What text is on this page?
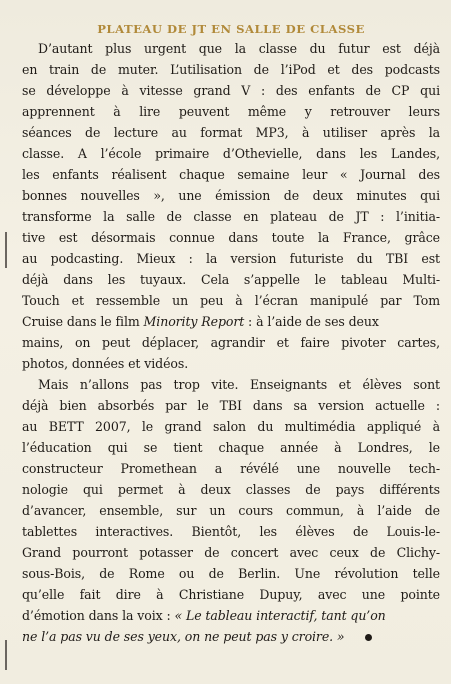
PLATEAU DE JT EN SALLE DE CLASSE
D’autant plus urgent que la classe du futur est déjà
en train de muter. L’utilisation de l’iPod et des podcasts
se développe à vitesse grand V : des enfants de CP qui
apprennent à lire peuvent même y retrouver leurs
séances de lecture au format MP3, à utiliser après la
classe. A l’école primaire d’Othevielle, dans les Landes,
les enfants réalisent chaque semaine leur « Journal des
bonnes nouvelles », une émission de deux minutes qui
transforme la salle de classe en plateau de JT : l’initia-
tive est désormais connue dans toute la France, grâce
au podcasting. Mieux : la version futuriste du TBI est
déjà dans les tuyaux. Cela s’appelle le tableau Multi-
Touch et ressemble un peu à l’écran manipulé par Tom
Cruise dans le film Minority Report : à l’aide de ses deux
mains, on peut déplacer, agrandir et faire pivoter cartes,
photos, données et vidéos.
Mais n’allons pas trop vite. Enseignants et élèves sont
déjà bien absorbés par le TBI dans sa version actuelle :
au BETT 2007, le grand salon du multimédia appliqué à
l’éducation qui se tient chaque année à Londres, le
constructeur Promethean a révélé une nouvelle tech-
nologie qui permet à deux classes de pays différents
d’avancer, ensemble, sur un cours commun, à l’aide de
tablettes interactives. Bientôt, les élèves de Louis-le-
Grand pourront potasser de concert avec ceux de Clichy-
sous-Bois, de Rome ou de Berlin. Une révolution telle
qu’elle fait dire à Christiane Dupuy, avec une pointe
d’émotion dans la voix : « Le tableau interactif, tant qu’on
ne l’a pas vu de ses yeux, on ne peut pas y croire. »
